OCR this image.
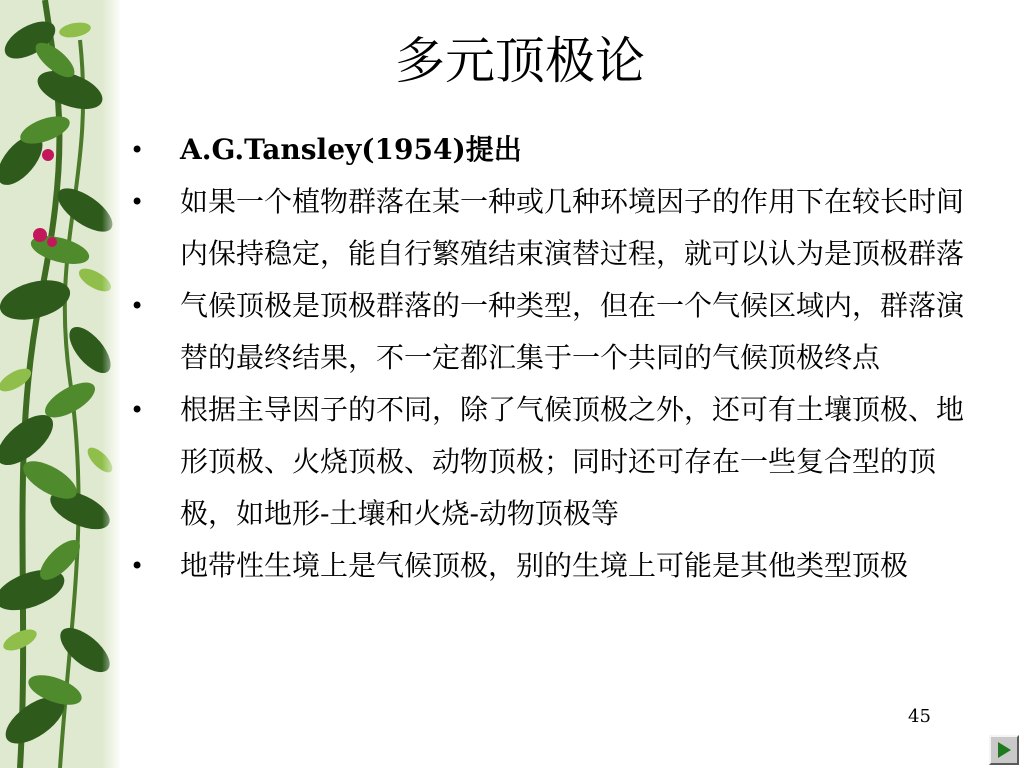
多元顶极论
• A.G.Tansley(1954)提出
• 如果一个植物群落在某一种或几种环境因子的作用下在较长时间内保持稳定，能自行繁殖结束演替过程，就可以认为是顶极群落
• 气候顶极是顶极群落的一种类型，但在一个气候区域内，群落演替的最终结果，不一定都汇集于一个共同的气候顶极终点
• 根据主导因子的不同，除了气候顶极之外，还可有土壤顶极、地形顶极、火烧顶极、动物顶极；同时还可存在一些复合型的顶极，如地形-土壤和火烧-动物顶极等
• 地带性生境上是气候顶极，别的生境上可能是其他类型顶极
45
